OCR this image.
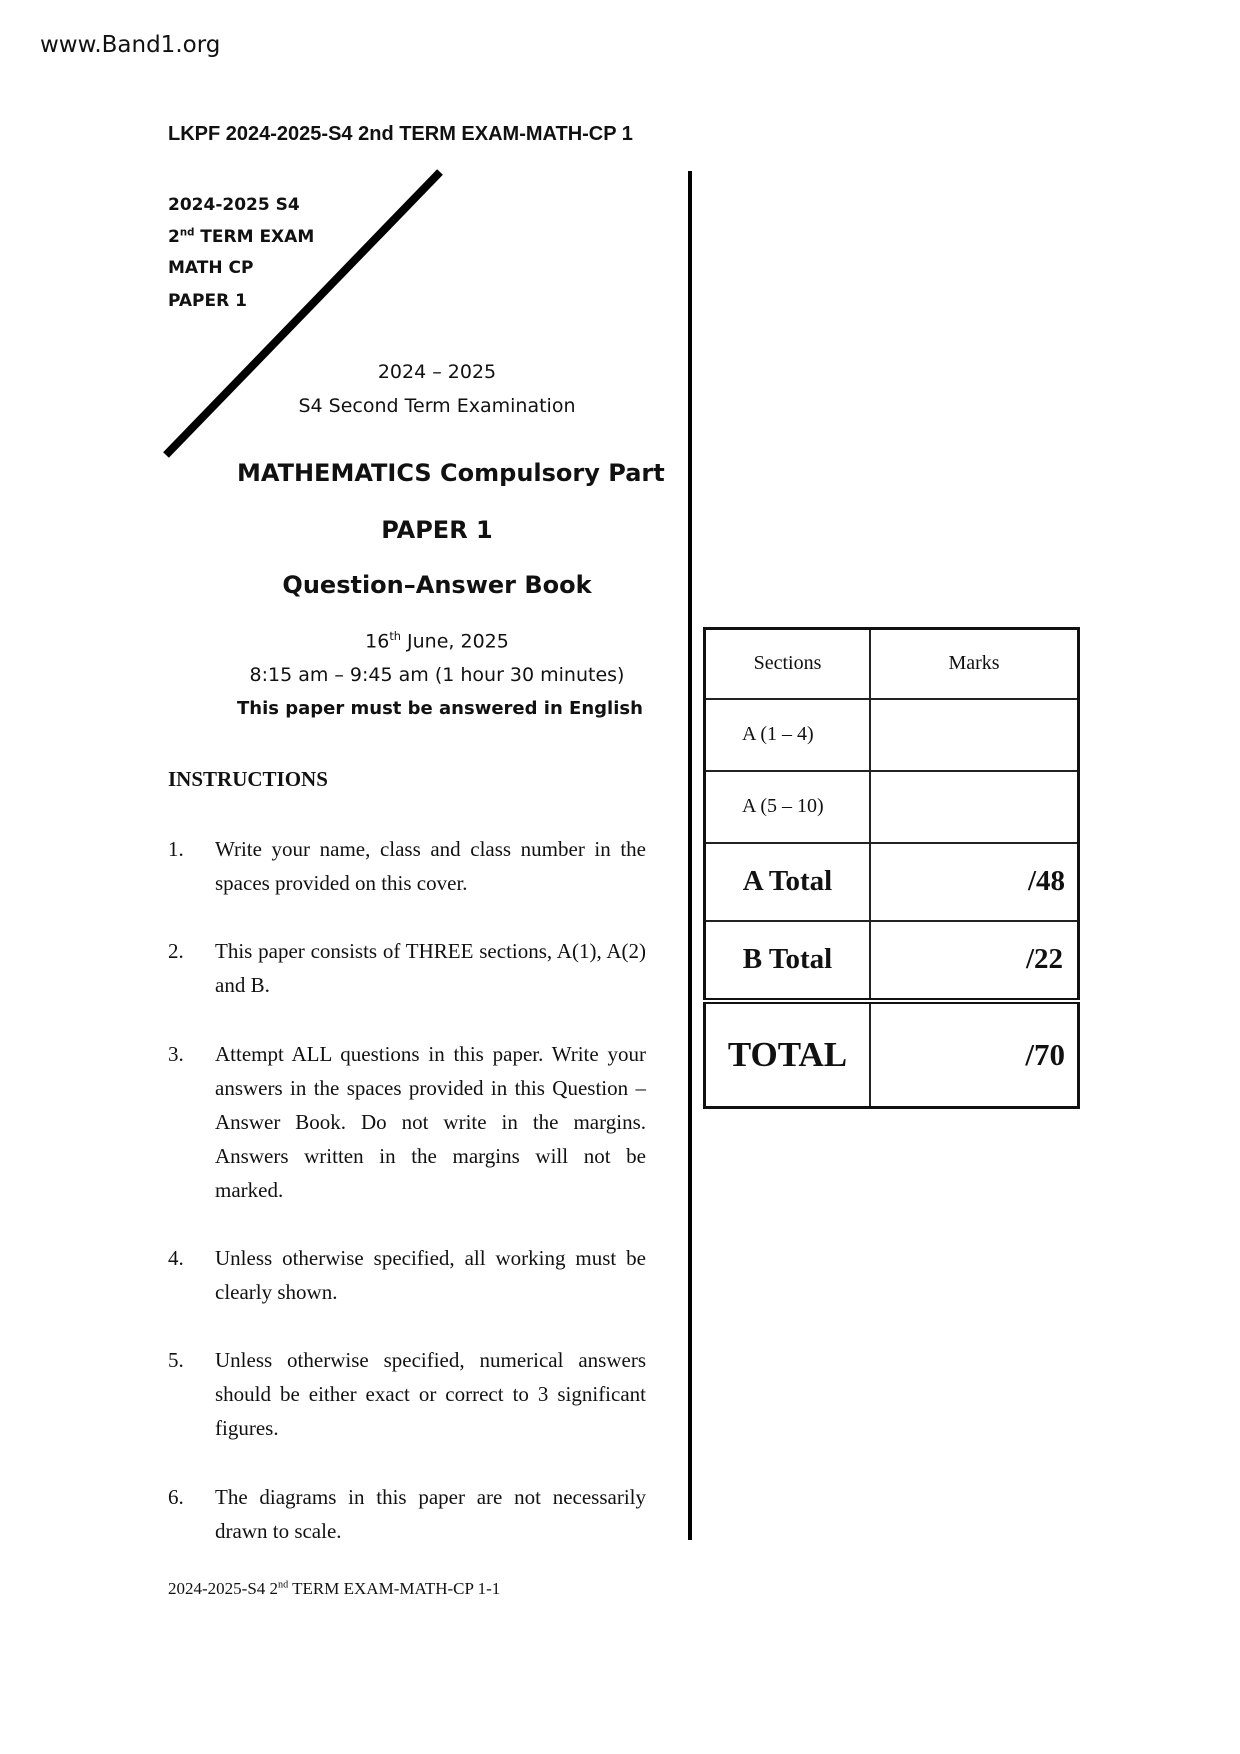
www.Band1.org
LKPF 2024-2025-S4 2nd TERM EXAM-MATH-CP 1
2024-2025 S4
2nd TERM EXAM
MATH CP
PAPER 1
2024 – 2025
S4 Second Term Examination
MATHEMATICS Compulsory Part
PAPER 1
Question–Answer Book
16th June, 2025
8:15 am – 9:45 am (1 hour 30 minutes)
This paper must be answered in English
INSTRUCTIONS
1. Write your name, class and class number in the spaces provided on this cover.
2. This paper consists of THREE sections, A(1), A(2) and B.
3. Attempt ALL questions in this paper. Write your answers in the spaces provided in this Question – Answer Book. Do not write in the margins. Answers written in the margins will not be marked.
4. Unless otherwise specified, all working must be clearly shown.
5. Unless otherwise specified, numerical answers should be either exact or correct to 3 significant figures.
6. The diagrams in this paper are not necessarily drawn to scale.
2024-2025-S4 2nd TERM EXAM-MATH-CP 1-1
Sections	Marks
A (1 – 4)	
A (5 – 10)	
A Total	/48
B Total	/22
TOTAL	/70
